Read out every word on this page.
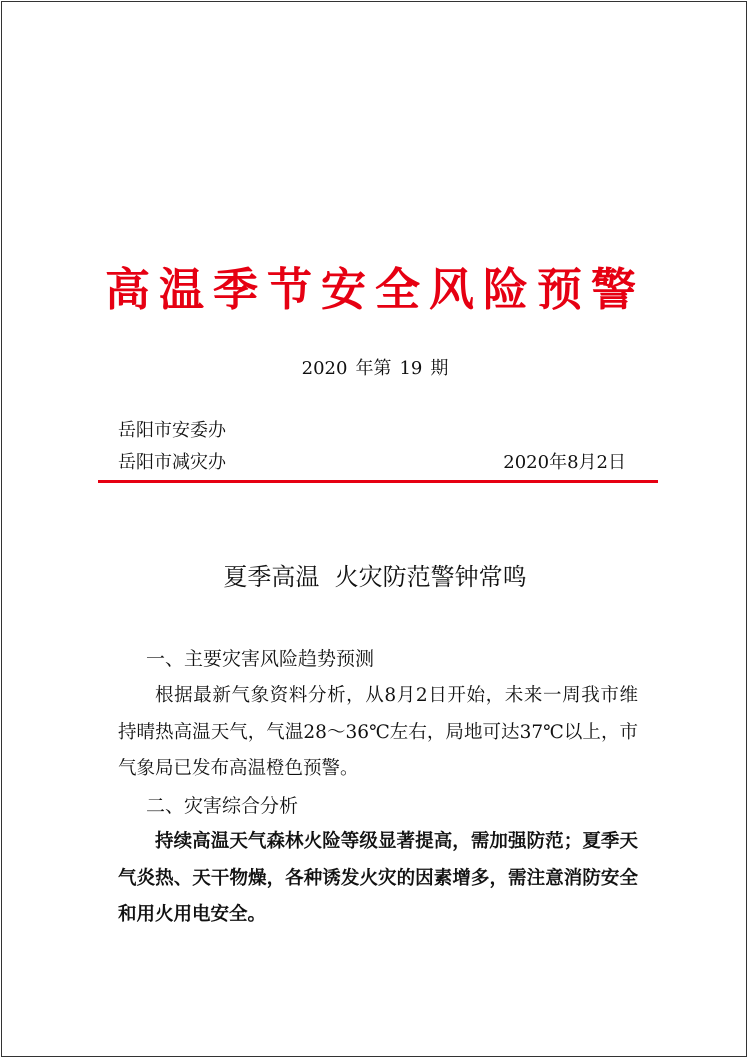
高温季节安全风险预警
2020 年第 19 期
岳阳市安委办
岳阳市减灾办	2020年8月2日
夏季高温  火灾防范警钟常鸣
一、主要灾害风险趋势预测

根据最新气象资料分析，从8月2日开始，未来一周我市维持晴热高温天气，气温28～36℃左右，局地可达37℃以上，市气象局已发布高温橙色预警。

二、灾害综合分析

持续高温天气森林火险等级显著提高，需加强防范；夏季天气炎热、天干物燥，各种诱发火灾的因素增多，需注意消防安全和用火用电安全。
